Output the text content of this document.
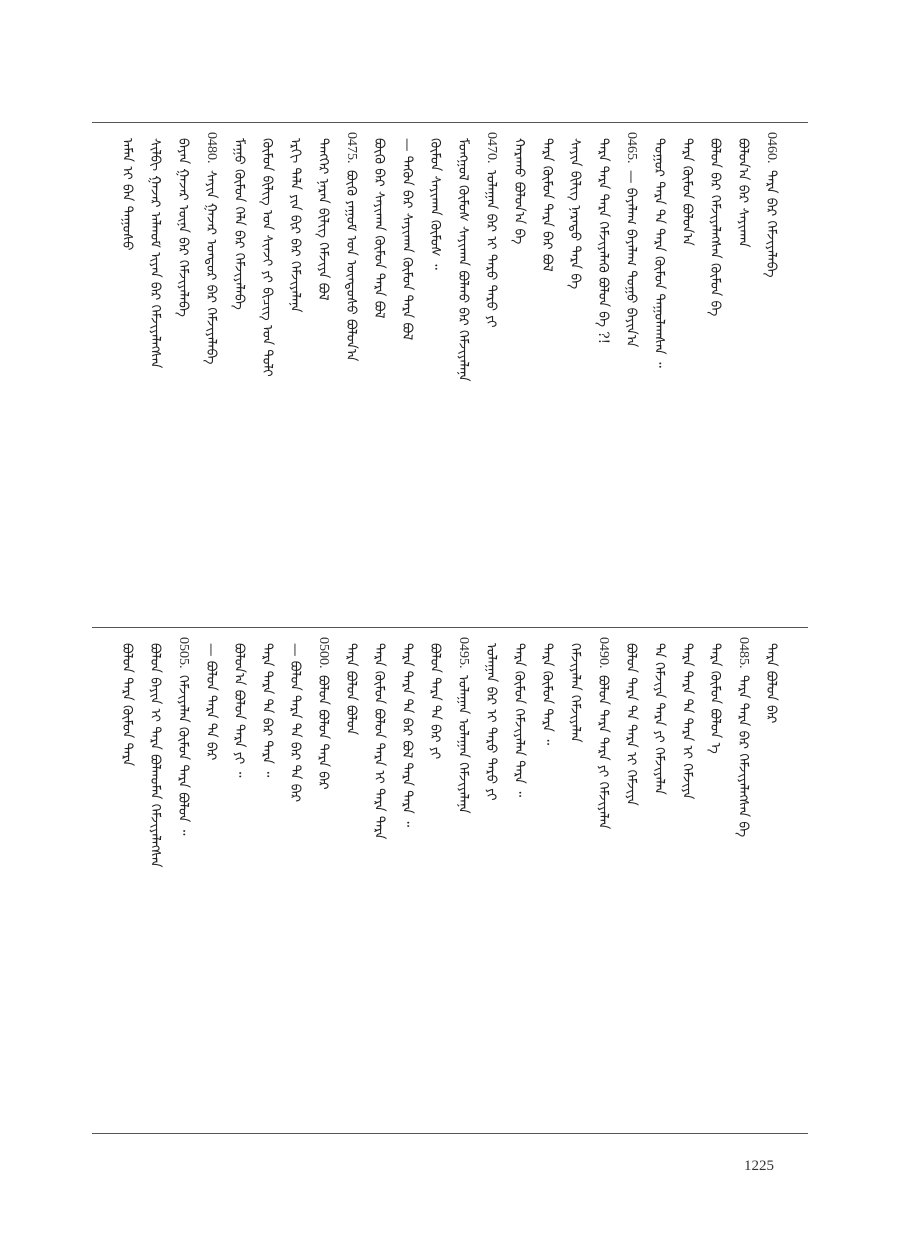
ᠠᠮᠠᠨ ᠢ ᠪᠠᠨ ᠲᠠᠭᠤᠰᠤ ᠰᠢᠯᠪᠢ ᠭᠠᠵᠠᠷ ᠠᠯᠬᠤᠮ ᠢᠶᠠᠨ ᠪᠡᠷ ᠬᠡᠮᠵᠢᠶᠡᠯᠡᠭᠰᠡᠨ ᠪᠠᠶᠠᠨ ᠭᠠᠵᠠᠷ ᠦᠨᠡ ᠪᠡᠷ ᠬᠡᠮᠵᠢᠶᠡᠯᠡᠪᠡ 0480.ᠰᠠᠶᠢᠨ ᠭᠠᠵᠠᠷ ᠤᠨᠳᠤᠷ ᠪᠡᠷ ᠬᠡᠮᠵᠢᠶᠡᠯᠡᠪᠡ ᠮᠠᠭᠤ ᠬᠦᠮᠦᠨ ᠬᠡᠯᠡ ᠪᠡᠷ ᠬᠡᠮᠵᠢᠶᠡᠯᠡᠪᠡ ᠬᠦᠮᠦᠨ ᠪᠢᠯᠢᠭ ᠤᠨ ᠰᠢᠨᠵᠢ ᠶᠢ ᠪᠢᠴᠢᠭ᠌ ᠤᠨ ᠲᠤᠯᠢ ᠡᠷᠬᠢ ᠲᠠᠯᠠ ᠶᠢᠨ ᠪᠢᠷ ᠪᠡᠷ ᠬᠡᠮᠵᠢᠶᠡᠯᠡᠨᠡ ᠲᠡᠩᠭᠡᠷ ᠨᠠᠷᠠᠨ ᠪᠢᠯᠢᠭ ᠬᠡᠮᠵᠢᠶᠡ ᠪᠣᠯ 0475.ᠪᠦᠬᠦ ᠶᠠᠭᠤᠮ ᠤᠨ ᠦᠨᠳᠦᠰᠦ ᠪᠣᠯᠤᠨ᠎ᠠ ᠪᠦᠬᠦ ᠪᠡᠷ ᠰᠠᠶᠢᠬᠠᠨ ᠬᠦᠮᠦᠨ ᠲᠡᠷᠡ ᠪᠣᠯ — ᠲᠡᠭᠦᠨ ᠪᠡᠷ ᠰᠠᠶᠢᠬᠠᠨ ᠬᠦᠮᠦᠨ ᠲᠡᠷᠡ ᠪᠣᠯ ᠬᠦᠮᠦᠨ ᠰᠠᠶᠢᠬᠠᠨ ᠬᠦᠮᠦᠰ ᠃ ᠮᠣᠩᠭᠣᠯ ᠬᠦᠮᠦᠰ ᠰᠠᠶᠢᠬᠠᠨ ᠪᠣᠯᠬᠤ ᠪᠡᠷ ᠬᠡᠮᠵᠢᠶᠡᠯᠡᠨᠡ 0470.ᠤᠯᠠᠭᠠᠨ ᠪᠠᠷ ᠢ ᠳᠠᠷᠤ ᠳᠠᠷᠤ ᠶᠢ ᠬᠠᠷᠠᠬᠤ ᠪᠣᠯᠤᠨ᠎ᠠ ᠪᠡ ᠲᠠᠷᠠ ᠬᠦᠮᠦᠨ ᠲᠠᠷᠠ ᠪᠠᠷ ᠪᠣᠯ ᠰᠠᠶᠢᠨ ᠪᠢᠯᠢᠭ ᠨᠡᠷᠡᠲᠦ ᠲᠠᠷᠠ ᠪᠡ ᠲᠠᠷᠠ ᠲᠠᠷᠠ ᠲᠠᠷᠠ ᠬᠡᠮᠵᠢᠶᠡᠯᠡᠬᠦ ᠪᠣᠯᠤᠨ ᠪᠡ ?! 0465.— ᠪᠠᠶᠠᠯᠠᠭ ᠪᠠᠶᠠᠯᠠᠭ ᠲᠣᠭᠤ ᠪᠠᠶᠢᠨ᠎ᠠ ᠲᠣᠭᠤᠷ ᠲᠠᠷᠠ ᠲᠠ ᠲᠠᠷᠠ ᠬᠦᠮᠦᠨ ᠲᠠᠭᠤᠯᠠᠭᠰᠠᠨ ᠃ ᠲᠡᠷᠡ ᠬᠦᠮᠦᠨ ᠪᠣᠯᠤᠨ᠎ᠠ ᠪᠣᠯᠤᠨ ᠪᠡᠷ ᠬᠡᠮᠵᠢᠶᠡᠯᠡᠭᠰᠡᠨ ᠬᠦᠮᠦᠨ ᠪᠡ ᠪᠣᠯᠤᠨ᠎ᠠ ᠪᠡᠷ ᠰᠠᠶᠢᠬᠠᠨ 0460.ᠲᠠᠷᠠ ᠪᠡᠷ ᠬᠡᠮᠵᠢᠶᠡᠯᠡᠪᠡ
ᠪᠣᠯᠤᠨ ᠲᠠᠷᠠ ᠬᠦᠮᠦᠨ ᠲᠠᠷᠠ ᠪᠣᠯᠤᠨ ᠪᠠᠶᠢᠨ ᠢ ᠲᠠᠷᠠ ᠪᠣᠯᠬᠤᠮᠠᠨ ᠬᠡᠮᠵᠢᠶᠡᠯᠡᠭᠰᠡᠨ 0505.ᠬᠡᠮᠵᠢᠶᠡᠯᠡᠨ ᠬᠦᠮᠦᠨ ᠲᠠᠷᠠ ᠪᠣᠯᠤᠨ ᠃ — ᠪᠣᠯᠤᠨ ᠲᠠᠷᠠ ᠲᠠ ᠪᠡᠷ ᠪᠣᠯᠤᠨ᠎ᠠ ᠪᠣᠯᠤᠨ ᠲᠠᠷᠠ ᠶᠢ ᠃ ᠲᠠᠷᠠ ᠲᠠᠷᠠ ᠲᠠ ᠪᠡᠷ ᠲᠠᠷᠠ ᠃ — ᠪᠣᠯᠤᠨ ᠲᠠᠷᠠ ᠲᠠ ᠪᠡᠷ ᠲᠠ ᠪᠡᠷ 0500.ᠪᠣᠯᠤᠨ ᠪᠣᠯᠤᠨ ᠲᠠᠷᠠ ᠪᠡᠷ ᠲᠠᠷᠠ ᠪᠣᠯᠤᠨ ᠪᠣᠯᠤᠨ ᠲᠠᠷᠠ ᠬᠦᠮᠦᠨ ᠪᠣᠯᠤᠨ ᠲᠠᠷᠠ ᠢ ᠲᠠᠷᠠ ᠲᠠᠷᠠ ᠲᠠᠷᠠ ᠲᠠᠷᠠ ᠲᠠ ᠪᠡᠷ ᠪᠣᠯ ᠲᠠᠷᠠ ᠲᠠᠷᠠ ᠃ ᠪᠣᠯᠤᠨ ᠲᠠᠷᠠ ᠲᠠ ᠪᠡᠷ ᠶᠢ 0495.ᠤᠯᠠᠭᠠᠨ ᠤᠯᠠᠭᠠᠨ ᠬᠡᠮᠵᠢᠶᠡᠯᠡᠨᠡ ᠤᠯᠠᠭᠠᠨ ᠪᠠᠷ ᠢ ᠳᠠᠷᠤ ᠳᠠᠷᠤ ᠶᠢ ᠲᠠᠷᠠ ᠬᠦᠮᠦᠨ ᠬᠡᠮᠵᠢᠶᠡᠯᠡᠨ ᠲᠠᠷᠠ ᠃ ᠲᠠᠷᠠ ᠬᠦᠮᠦᠨ ᠲᠠᠷᠠ ᠃ ᠬᠡᠮᠵᠢᠶᠡᠯᠡᠨ ᠬᠡᠮᠵᠢᠶᠡᠯᠡᠨ 0490.ᠪᠣᠯᠤᠨ ᠲᠠᠷᠠ ᠲᠠᠷᠠ ᠶᠢ ᠬᠡᠮᠵᠢᠶᠡᠯᠡᠨ ᠪᠣᠯᠤᠨ ᠲᠠᠷᠠ ᠲᠠ ᠲᠠᠷᠠ ᠢ ᠬᠡᠮᠵᠢᠶᠡ ᠲᠠ ᠬᠡᠮᠵᠢᠶᠡ ᠲᠠᠷᠠ ᠶᠢ ᠬᠡᠮᠵᠢᠶᠡᠯᠡᠨ ᠲᠠᠷᠠ ᠲᠠᠷᠠ ᠲᠠ ᠲᠠᠷᠠ ᠢ ᠬᠡᠮᠵᠢᠶᠡ ᠲᠠᠷᠠ ᠬᠦᠮᠦᠨ ᠪᠣᠯᠤᠨ ᠡ 0485.ᠲᠠᠷᠠ ᠲᠠᠷᠠ ᠪᠠᠷ ᠬᠡᠮᠵᠢᠶᠡᠯᠡᠭᠰᠡᠨ ᠪᠡ ᠲᠠᠷᠠ ᠪᠣᠯᠤᠨ ᠪᠡᠷ
1225
